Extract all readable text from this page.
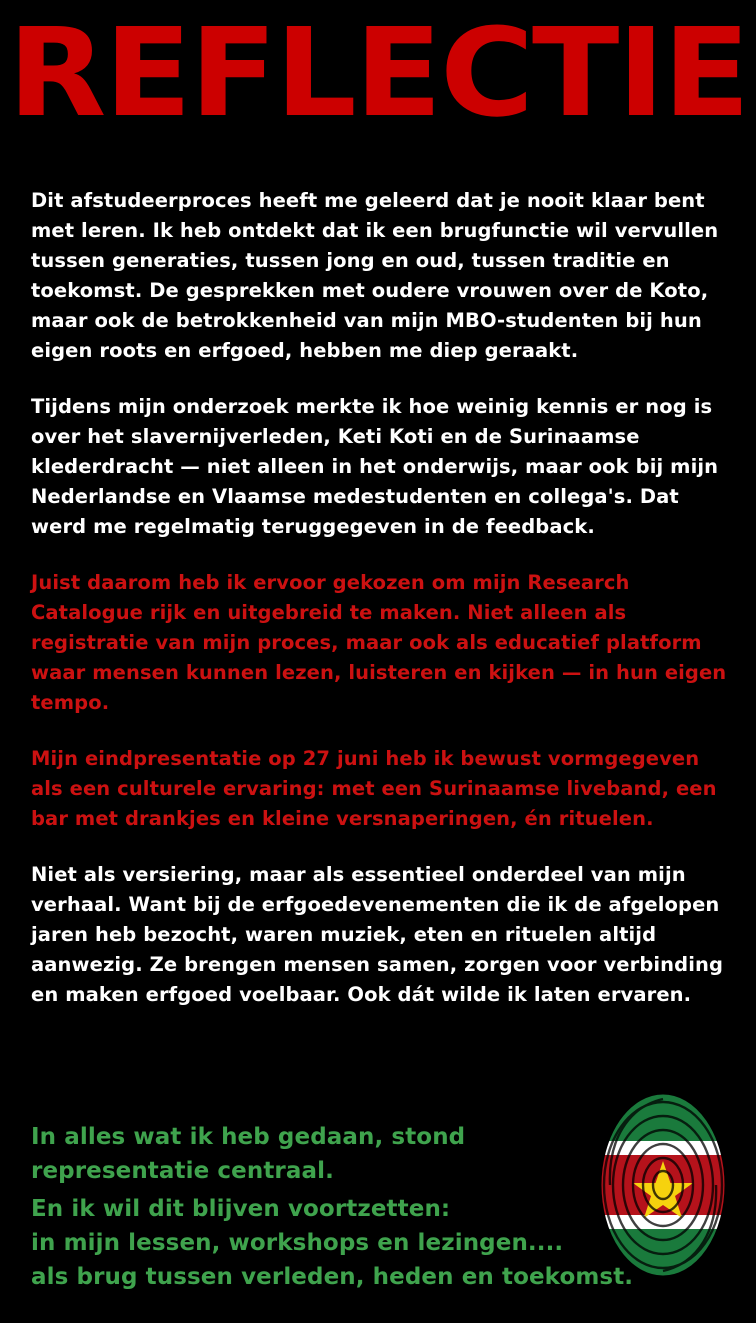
REFLECTIE

Dit afstudeerproces heeft me geleerd dat je nooit klaar bent met leren. Ik heb ontdekt dat ik een brugfunctie wil vervullen tussen generaties, tussen jong en oud, tussen traditie en toekomst. De gesprekken met oudere vrouwen over de Koto, maar ook de betrokkenheid van mijn MBO-studenten bij hun eigen roots en erfgoed, hebben me diep geraakt.

Tijdens mijn onderzoek merkte ik hoe weinig kennis er nog is over het slavernijverleden, Keti Koti en de Surinaamse klederdracht — niet alleen in het onderwijs, maar ook bij mijn Nederlandse en Vlaamse medestudenten en collega's. Dat werd me regelmatig teruggegeven in de feedback.

Juist daarom heb ik ervoor gekozen om mijn Research Catalogue rijk en uitgebreid te maken. Niet alleen als registratie van mijn proces, maar ook als educatief platform waar mensen kunnen lezen, luisteren en kijken — in hun eigen tempo.

Mijn eindpresentatie op 27 juni heb ik bewust vormgegeven als een culturele ervaring: met een Surinaamse liveband, een bar met drankjes en kleine versnaperingen, én rituelen.

Niet als versiering, maar als essentieel onderdeel van mijn verhaal. Want bij de erfgoedevenementen die ik de afgelopen jaren heb bezocht, waren muziek, eten en rituelen altijd aanwezig. Ze brengen mensen samen, zorgen voor verbinding en maken erfgoed voelbaar. Ook dát wilde ik laten ervaren.

In alles wat ik heb gedaan, stond

representatie centraal.

En ik wil dit blijven voortzetten:

in mijn lessen, workshops en lezingen....

als brug tussen verleden, heden en toekomst.
